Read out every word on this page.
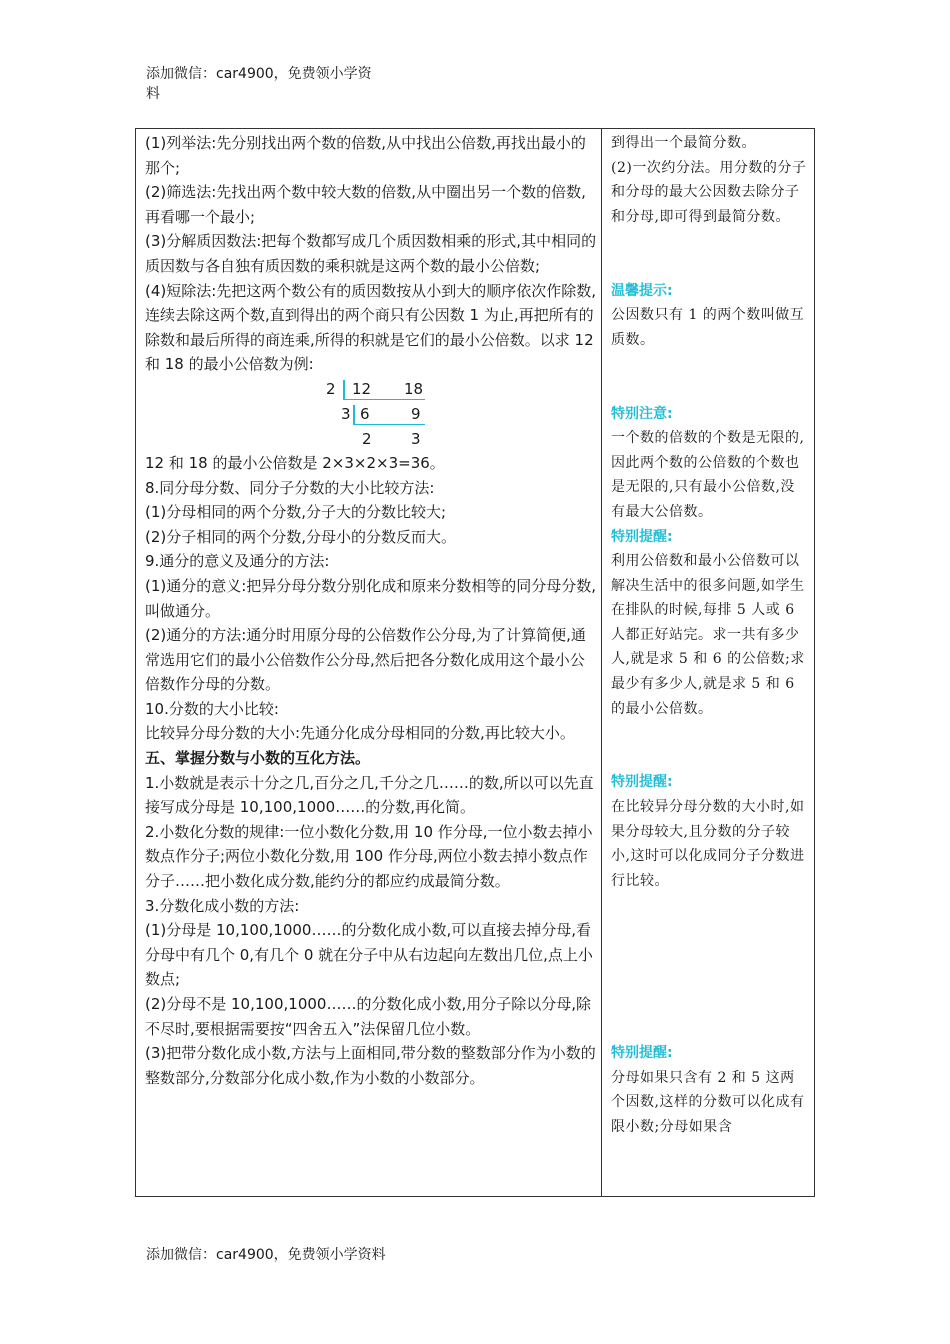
添加微信：car4900，免费领小学资
料

(1)列举法:先分别找出两个数的倍数,从中找出公倍数,再找出最小的那个;

(2)筛选法:先找出两个数中较大数的倍数,从中圈出另一个数的倍数,再看哪一个最小;

(3)分解质因数法:把每个数都写成几个质因数相乘的形式,其中相同的质因数与各自独有质因数的乘积就是这两个数的最小公倍数;

(4)短除法:先把这两个数公有的质因数按从小到大的顺序依次作除数,连续去除这两个数,直到得出的两个商只有公因数 1 为止,再把所有的除数和最后所得的商连乘,所得的积就是它们的最小公倍数。以求 12 和 18 的最小公倍数为例:

2 12 18
3 6	9
2	3

12 和 18 的最小公倍数是 2×3×2×3=36。

8.同分母分数、同分子分数的大小比较方法:

(1)分母相同的两个分数,分子大的分数比较大;

(2)分子相同的两个分数,分母小的分数反而大。

9.通分的意义及通分的方法:

(1)通分的意义:把异分母分数分别化成和原来分数相等的同分母分数,叫做通分。

(2)通分的方法:通分时用原分母的公倍数作公分母,为了计算简便,通常选用它们的最小公倍数作公分母,然后把各分数化成用这个最小公倍数作分母的分数。

10.分数的大小比较:

比较异分母分数的大小:先通分化成分母相同的分数,再比较大小。

五、掌握分数与小数的互化方法。

1.小数就是表示十分之几,百分之几,千分之几……的数,所以可以先直接写成分母是 10,100,1000……的分数,再化简。

2.小数化分数的规律:一位小数化分数,用 10 作分母,一位小数去掉小数点作分子;两位小数化分数,用 100 作分母,两位小数去掉小数点作分子……把小数化成分数,能约分的都应约成最简分数。

3.分数化成小数的方法:

(1)分母是 10,100,1000……的分数化成小数,可以直接去掉分母,看分母中有几个 0,有几个 0 就在分子中从右边起向左数出几位,点上小数点;

(2)分母不是 10,100,1000……的分数化成小数,用分子除以分母,除不尽时,要根据需要按“四舍五入”法保留几位小数。

(3)把带分数化成小数,方法与上面相同,带分数的整数部分作为小数的整数部分,分数部分化成小数,作为小数的小数部分。

到得出一个最简分数。

(2)一次约分法。用分数的分子和分母的最大公因数去除分子和分母,即可得到最简分数。

温馨提示:

公因数只有 1 的两个数叫做互质数。

特别注意:

一个数的倍数的个数是无限的,因此两个数的公倍数的个数也是无限的,只有最小公倍数,没有最大公倍数。

特别提醒:

利用公倍数和最小公倍数可以解决生活中的很多问题,如学生在排队的时候,每排 5 人或 6 人都正好站完。求一共有多少人,就是求 5 和 6 的公倍数;求最少有多少人,就是求 5 和 6 的最小公倍数。

特别提醒:

在比较异分母分数的大小时,如果分母较大,且分数的分子较小,这时可以化成同分子分数进行比较。

特别提醒:

分母如果只含有 2 和 5 这两个因数,这样的分数可以化成有限小数;分母如果含

添加微信：car4900，免费领小学资料
